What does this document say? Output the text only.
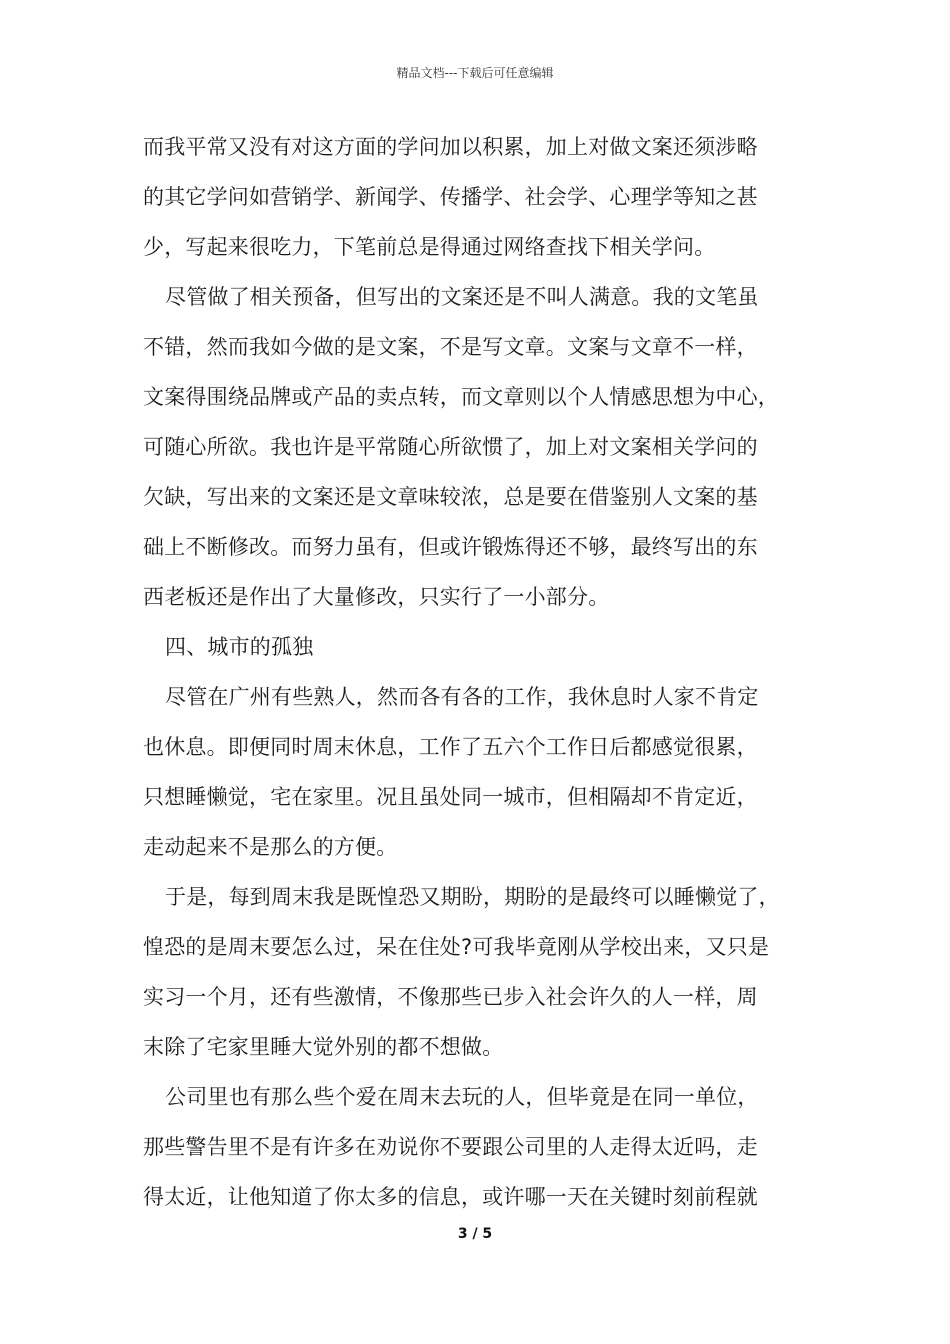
精品文档---下载后可任意编辑
而我平常又没有对这方面的学问加以积累，加上对做文案还须涉略
的其它学问如营销学、新闻学、传播学、社会学、心理学等知之甚
少，写起来很吃力，下笔前总是得通过网络查找下相关学问。
尽管做了相关预备，但写出的文案还是不叫人满意。我的文笔虽
不错，然而我如今做的是文案，不是写文章。文案与文章不一样，
文案得围绕品牌或产品的卖点转，而文章则以个人情感思想为中心，
可随心所欲。我也许是平常随心所欲惯了，加上对文案相关学问的
欠缺，写出来的文案还是文章味较浓，总是要在借鉴别人文案的基
础上不断修改。而努力虽有，但或许锻炼得还不够，最终写出的东
西老板还是作出了大量修改，只实行了一小部分。
四、城市的孤独
尽管在广州有些熟人，然而各有各的工作，我休息时人家不肯定
也休息。即便同时周末休息，工作了五六个工作日后都感觉很累，
只想睡懒觉，宅在家里。况且虽处同一城市，但相隔却不肯定近，
走动起来不是那么的方便。
于是，每到周末我是既惶恐又期盼，期盼的是最终可以睡懒觉了，
惶恐的是周末要怎么过，呆在住处?可我毕竟刚从学校出来，又只是
实习一个月，还有些激情，不像那些已步入社会许久的人一样，周
末除了宅家里睡大觉外别的都不想做。
公司里也有那么些个爱在周末去玩的人，但毕竟是在同一单位，
那些警告里不是有许多在劝说你不要跟公司里的人走得太近吗，走
得太近，让他知道了你太多的信息，或许哪一天在关键时刻前程就
3 / 5
